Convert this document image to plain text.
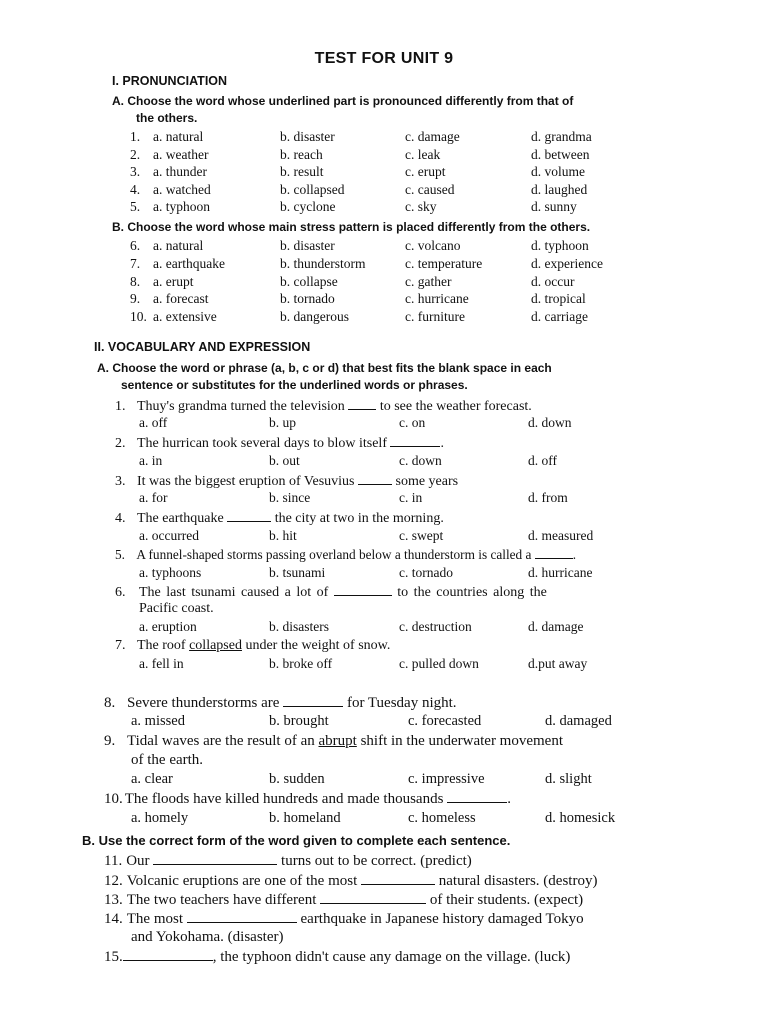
TEST FOR UNIT 9
I. PRONUNCIATION
A. Choose the word whose underlined part is pronounced differently from that of
the others.
1. a. natural	b. disaster	c. damage	d. grandma
2. a. weather	b. reach	c. leak	d. between
3. a. thunder	b. result	c. erupt	d. volume
4. a. watched	b. collapsed	c. caused	d. laughed
5. a. typhoon	b. cyclone	c. sky	d. sunny
B. Choose the word whose main stress pattern is placed differently from the others.
6. a. natural	b. disaster	c. volcano	d. typhoon
7. a. earthquake	b. thunderstorm	c. temperature	d. experience
8. a. erupt	b. collapse	c. gather	d. occur
9. a. forecast	b. tornado	c. hurricane	d. tropical
10. a. extensive	b. dangerous	c. furniture	d. carriage
II. VOCABULARY AND EXPRESSION
A. Choose the word or phrase (a, b, c or d) that best fits the blank space in each
sentence or substitutes for the underlined words or phrases.
1. Thuy's grandma turned the television  to see the weather forecast.
a. off	b. up	c. on	d. down
2. The hurrican took several days to blow itself	.
a. in	b. out	c. down	d. off
3. It was the biggest eruption of Vesuvius  some years
a. for	b. since	c. in	d. from
4. The earthquake	the city at two in the morning.
a. occurred	b. hit	c. swept	d. measured
5. A funnel-shaped storms passing overland below a thunderstorm is called a	.
a. typhoons	b. tsunami	c. tornado	d. hurricane
6. The last tsunami caused a lot of	to the countries along the
Pacific coast.
a. eruption	b. disasters	c. destruction	d. damage
7. The roof collapsed under the weight of snow.
a. fell in	b. broke off	c. pulled down	d.put away
8. Severe thunderstorms are	for Tuesday night.
a. missed	b. brought	c. forecasted	d. damaged
9. Tidal waves are the result of an abrupt shift in the underwater movement
of the earth.
a. clear	b. sudden	c. impressive	d. slight
10. The floods have killed hundreds and made thousands	.
a. homely	b. homeland	c. homeless	d. homesick
B. Use the correct form of the word given to complete each sentence.
11. Our	turns out to be correct. (predict)
12. Volcanic eruptions are one of the most	natural disasters. (destroy)
13. The two teachers have different	of their students. (expect)
14. The most	earthquake in Japanese history damaged Tokyo
and Yokohama. (disaster)
15.	, the typhoon didn't cause any damage on the village. (luck)
